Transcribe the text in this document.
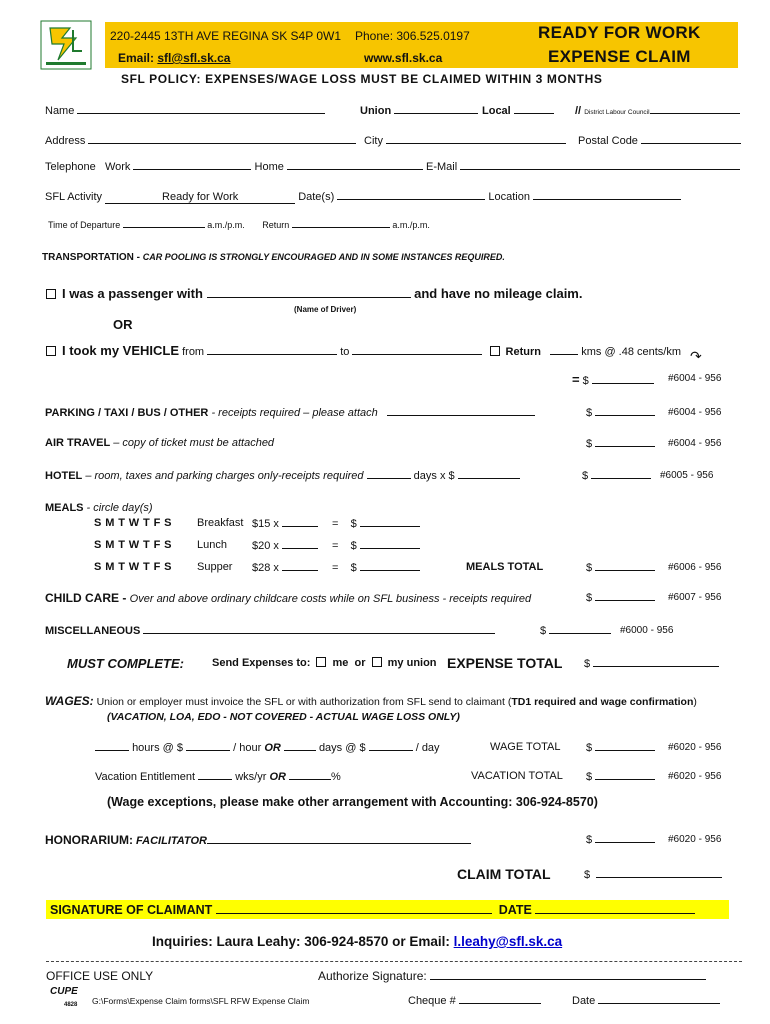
220-2445 13TH AVE REGINA SK S4P 0W1 Phone: 306.525.0197
Email: sfl@sfl.sk.ca	www.sfl.sk.ca
READY FOR WORK
EXPENSE CLAIM
SFL POLICY: EXPENSES/WAGE LOSS MUST BE CLAIMED WITHIN 3 MONTHS
Name	Union	Local	// District Labour Council
Address	City	Postal Code
Telephone Work	Home	E-Mail
SFL Activity	Ready for Work	Date(s)	Location
Time of Departure	a.m./p.m. Return	a.m./p.m.
TRANSPORTATION - CAR POOLING IS STRONGLY ENCOURAGED AND IN SOME INSTANCES REQUIRED.
I was a passenger with	and have no mileage claim.
(Name of Driver)
OR
I took my VEHICLE from	to	Return	kms @ .48 cents/km ↷
= $	#6004 - 956
PARKING / TAXI / BUS / OTHER - receipts required – please attach	$	#6004 - 956
AIR TRAVEL – copy of ticket must be attached	$	#6004 - 956
HOTEL – room, taxes and parking charges only-receipts required	days x $	$	#6005 - 956
MEALS - circle day(s)
S M T W T F S Breakfast $15 x	= $
S M T W T F S Lunch $20 x	= $
S M T W T F S Supper $28 x	= $	MEALS TOTAL	$	#6006 - 956
CHILD CARE - Over and above ordinary childcare costs while on SFL business - receipts required	$	#6007 - 956
MISCELLANEOUS	$	#6000 - 956
MUST COMPLETE:	Send Expenses to: me or my union EXPENSE TOTAL $
WAGES: Union or employer must invoice the SFL or with authorization from SFL send to claimant (TD1 required and wage confirmation)
(VACATION, LOA, EDO - NOT COVERED - ACTUAL WAGE LOSS ONLY)
hours @ $	/ hour OR	days @ $	/ day	WAGE TOTAL $	#6020 - 956
Vacation Entitlement	wks/yr OR	%	VACATION TOTAL $	#6020 - 956
(Wage exceptions, please make other arrangement with Accounting: 306-924-8570)
HONORARIUM: FACILITATOR	$	#6020 - 956
CLAIM TOTAL	$
SIGNATURE OF CLAIMANT	DATE
Inquiries: Laura Leahy: 306-924-8570 or Email: l.leahy@sfl.sk.ca
OFFICE USE ONLY	Authorize Signature:
CUPE
4828 G:\Forms\Expense Claim forms\SFL RFW Expense Claim	Cheque #	Date
